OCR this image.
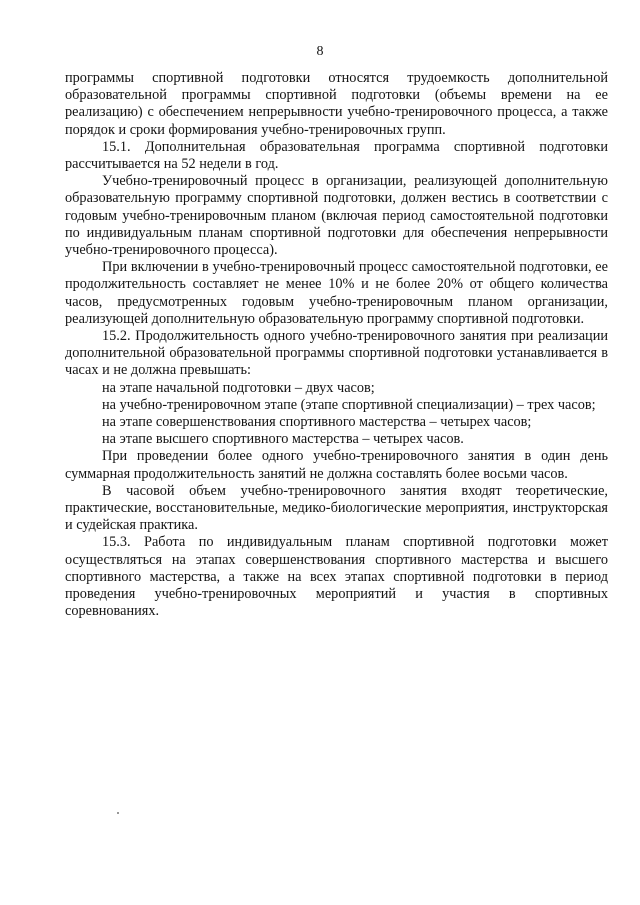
8

программы спортивной подготовки относятся трудоемкость дополнительной образовательной программы спортивной подготовки (объемы времени на ее реализацию) с обеспечением непрерывности учебно-тренировочного процесса, а также порядок и сроки формирования учебно-тренировочных групп.

15.1. Дополнительная образовательная программа спортивной подготовки рассчитывается на 52 недели в год.

Учебно-тренировочный процесс в организации, реализующей дополнительную образовательную программу спортивной подготовки, должен вестись в соответствии с годовым учебно-тренировочным планом (включая период самостоятельной подготовки по индивидуальным планам спортивной подготовки для обеспечения непрерывности учебно-тренировочного процесса).

При включении в учебно-тренировочный процесс самостоятельной подготовки, ее продолжительность составляет не менее 10% и не более 20% от общего количества часов, предусмотренных годовым учебно-тренировочным планом организации, реализующей дополнительную образовательную программу спортивной подготовки.

15.2. Продолжительность одного учебно-тренировочного занятия при реализации дополнительной образовательной программы спортивной подготовки устанавливается в часах и не должна превышать:

на этапе начальной подготовки – двух часов;

на учебно-тренировочном этапе (этапе спортивной специализации) – трех часов;

на этапе совершенствования спортивного мастерства – четырех часов;

на этапе высшего спортивного мастерства – четырех часов.

При проведении более одного учебно-тренировочного занятия в один день суммарная продолжительность занятий не должна составлять более восьми часов.

В часовой объем учебно-тренировочного занятия входят теоретические, практические, восстановительные, медико-биологические мероприятия, инструкторская и судейская практика.

15.3. Работа по индивидуальным планам спортивной подготовки может осуществляться на этапах совершенствования спортивного мастерства и высшего спортивного мастерства, а также на всех этапах спортивной подготовки в период проведения учебно-тренировочных мероприятий и участия в спортивных соревнованиях.
